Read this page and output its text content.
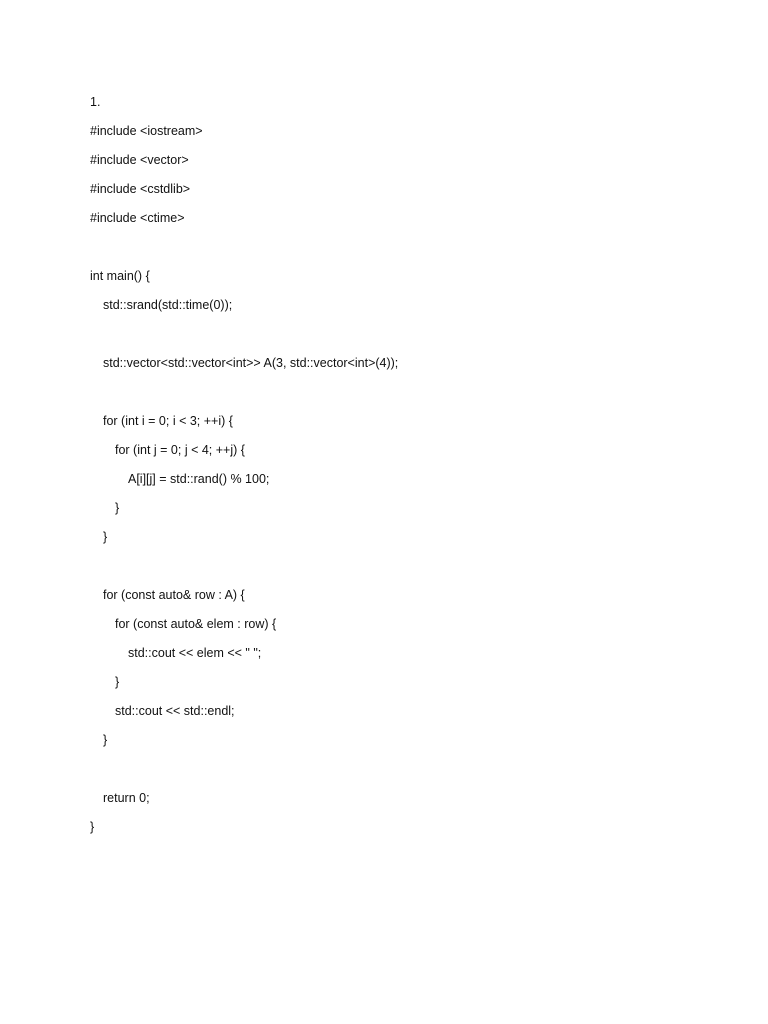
1.
#include <iostream>
#include <vector>
#include <cstdlib>
#include <ctime>
int main() {
std::srand(std::time(0));
std::vector<std::vector<int>> A(3, std::vector<int>(4));
for (int i = 0; i < 3; ++i) {
for (int j = 0; j < 4; ++j) {
A[i][j] = std::rand() % 100;
}
}
for (const auto& row : A) {
for (const auto& elem : row) {
std::cout << elem << " ";
}
std::cout << std::endl;
}
return 0;
}
